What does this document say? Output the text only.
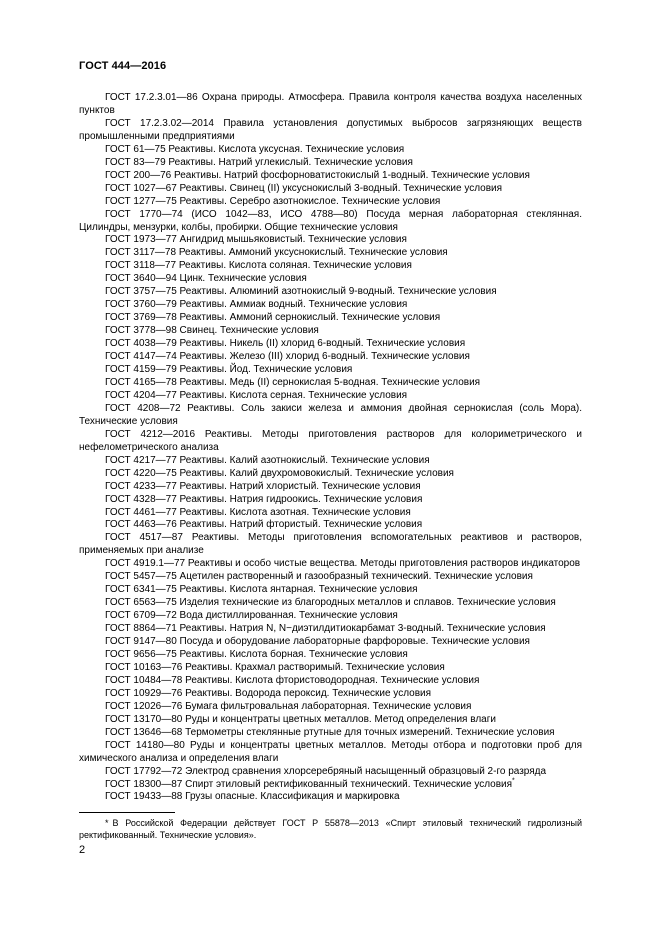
ГОСТ 444—2016
ГОСТ 17.2.3.01—86 Охрана природы. Атмосфера. Правила контроля качества воздуха населенных пунктов
ГОСТ 17.2.3.02—2014 Правила установления допустимых выбросов загрязняющих веществ промышленными предприятиями
ГОСТ 61—75 Реактивы. Кислота уксусная. Технические условия
ГОСТ 83—79 Реактивы. Натрий углекислый. Технические условия
ГОСТ 200—76 Реактивы. Натрий фосфорноватистокислый 1-водный. Технические условия
ГОСТ 1027—67 Реактивы. Свинец (II) уксуснокислый 3-водный. Технические условия
ГОСТ 1277—75 Реактивы. Серебро азотнокислое. Технические условия
ГОСТ 1770—74 (ИСО 1042—83, ИСО 4788—80) Посуда мерная лабораторная стеклянная. Цилиндры, мензурки, колбы, пробирки. Общие технические условия
ГОСТ 1973—77 Ангидрид мышьяковистый. Технические условия
ГОСТ 3117—78 Реактивы. Аммоний уксуснокислый. Технические условия
ГОСТ 3118—77 Реактивы. Кислота соляная. Технические условия
ГОСТ 3640—94 Цинк. Технические условия
ГОСТ 3757—75 Реактивы. Алюминий азотнокислый 9-водный. Технические условия
ГОСТ 3760—79 Реактивы. Аммиак водный. Технические условия
ГОСТ 3769—78 Реактивы. Аммоний сернокислый. Технические условия
ГОСТ 3778—98 Свинец. Технические условия
ГОСТ 4038—79 Реактивы. Никель (II) хлорид 6-водный. Технические условия
ГОСТ 4147—74 Реактивы. Железо (III) хлорид 6-водный. Технические условия
ГОСТ 4159—79 Реактивы. Йод. Технические условия
ГОСТ 4165—78 Реактивы. Медь (II) сернокислая 5-водная. Технические условия
ГОСТ 4204—77 Реактивы. Кислота серная. Технические условия
ГОСТ 4208—72 Реактивы. Соль закиси железа и аммония двойная сернокислая (соль Мора). Технические условия
ГОСТ 4212—2016 Реактивы. Методы приготовления растворов для колориметрического и нефелометрического анализа
ГОСТ 4217—77 Реактивы. Калий азотнокислый. Технические условия
ГОСТ 4220—75 Реактивы. Калий двухромовокислый. Технические условия
ГОСТ 4233—77 Реактивы. Натрий хлористый. Технические условия
ГОСТ 4328—77 Реактивы. Натрия гидроокись. Технические условия
ГОСТ 4461—77 Реактивы. Кислота азотная. Технические условия
ГОСТ 4463—76 Реактивы. Натрий фтористый. Технические условия
ГОСТ 4517—87 Реактивы. Методы приготовления вспомогательных реактивов и растворов, применяемых при анализе
ГОСТ 4919.1—77 Реактивы и особо чистые вещества. Методы приготовления растворов индикаторов
ГОСТ 5457—75 Ацетилен растворенный и газообразный технический. Технические условия
ГОСТ 6341—75 Реактивы. Кислота янтарная. Технические условия
ГОСТ 6563—75 Изделия технические из благородных металлов и сплавов. Технические условия
ГОСТ 6709—72 Вода дистиллированная. Технические условия
ГОСТ 8864—71 Реактивы. Натрия N, N−диэтилдитиокарбамат 3-водный. Технические условия
ГОСТ 9147—80 Посуда и оборудование лабораторные фарфоровые. Технические условия
ГОСТ 9656—75 Реактивы. Кислота борная. Технические условия
ГОСТ 10163—76 Реактивы. Крахмал растворимый. Технические условия
ГОСТ 10484—78 Реактивы. Кислота фтористоводородная. Технические условия
ГОСТ 10929—76 Реактивы. Водорода пероксид. Технические условия
ГОСТ 12026—76 Бумага фильтровальная лабораторная. Технические условия
ГОСТ 13170—80 Руды и концентраты цветных металлов. Метод определения влаги
ГОСТ 13646—68 Термометры стеклянные ртутные для точных измерений. Технические условия
ГОСТ 14180—80 Руды и концентраты цветных металлов. Методы отбора и подготовки проб для химического анализа и определения влаги
ГОСТ 17792—72 Электрод сравнения хлорсеребряный насыщенный образцовый 2-го разряда
ГОСТ 18300—87 Спирт этиловый ректификованный технический. Технические условия*
ГОСТ 19433—88 Грузы опасные. Классификация и маркировка
* В Российской Федерации действует ГОСТ Р 55878—2013 «Спирт этиловый технический гидролизный ректификованный. Технические условия».
2
